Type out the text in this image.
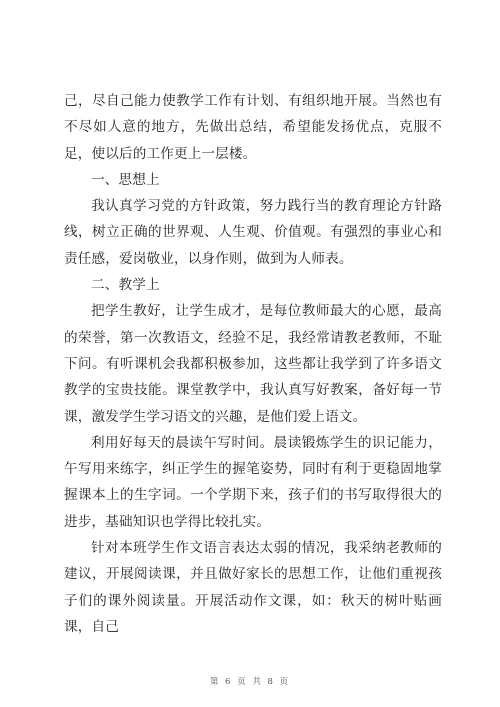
己，尽自己能力使教学工作有计划、有组织地开展。当然也有不尽如人意的地方，先做出总结，希望能发扬优点，克服不足，使以后的工作更上一层楼。

一、思想上

我认真学习党的方针政策，努力践行当的教育理论方针路线，树立正确的世界观、人生观、价值观。有强烈的事业心和责任感，爱岗敬业，以身作则，做到为人师表。

二、教学上

把学生教好，让学生成才，是每位教师最大的心愿，最高的荣誉，第一次教语文，经验不足，我经常请教老教师，不耻下问。有听课机会我都积极参加，这些都让我学到了许多语文教学的宝贵技能。课堂教学中，我认真写好教案，备好每一节课，激发学生学习语文的兴趣，是他们爱上语文。

利用好每天的晨读午写时间。晨读锻炼学生的识记能力，午写用来练字，纠正学生的握笔姿势，同时有利于更稳固地掌握课本上的生字词。一个学期下来，孩子们的书写取得很大的进步，基础知识也学得比较扎实。

针对本班学生作文语言表达太弱的情况，我采纳老教师的建议，开展阅读课，并且做好家长的思想工作，让他们重视孩子们的课外阅读量。开展活动作文课，如：秋天的树叶贴画课，自己

第 6 页 共 8 页
